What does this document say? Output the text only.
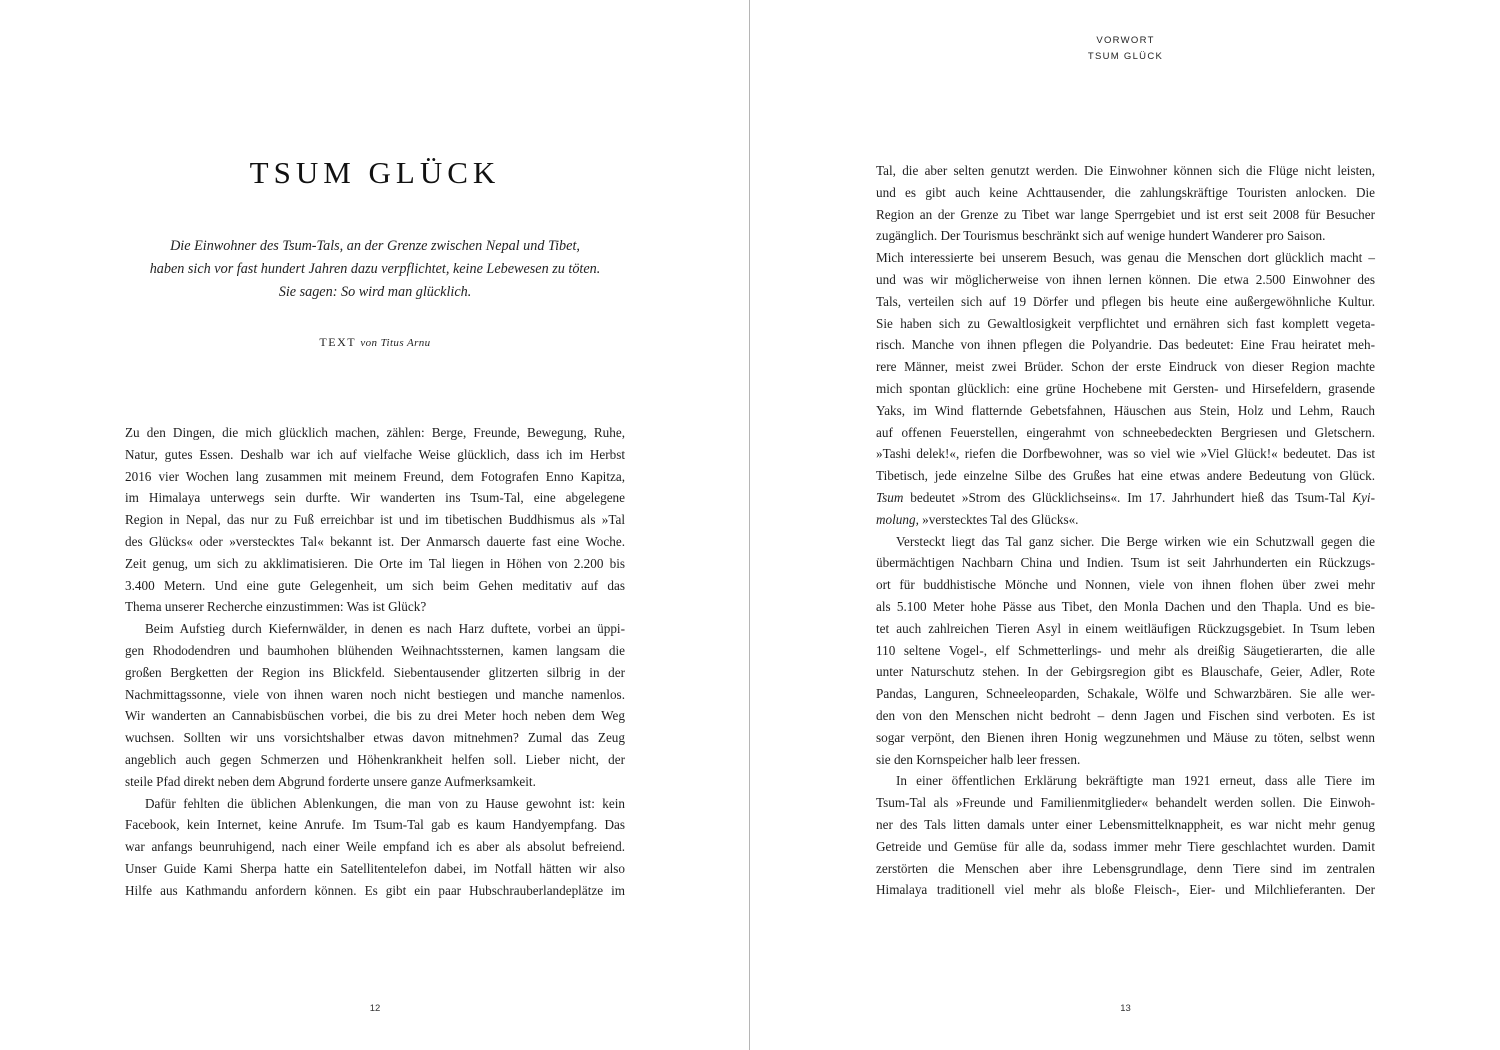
TSUM GLÜCK
Die Einwohner des Tsum-Tals, an der Grenze zwischen Nepal und Tibet,
haben sich vor fast hundert Jahren dazu verpflichtet, keine Lebewesen zu töten.
Sie sagen: So wird man glücklich.
TEXT von Titus Arnu
Zu den Dingen, die mich glücklich machen, zählen: Berge, Freunde, Bewegung, Ruhe,
Natur, gutes Essen. Deshalb war ich auf vielfache Weise glücklich, dass ich im Herbst
2016 vier Wochen lang zusammen mit meinem Freund, dem Fotografen Enno Kapitza,
im Himalaya unterwegs sein durfte. Wir wanderten ins Tsum-Tal, eine abgelegene
Region in Nepal, das nur zu Fuß erreichbar ist und im tibetischen Buddhismus als »Tal
des Glücks« oder »verstecktes Tal« bekannt ist. Der Anmarsch dauerte fast eine Woche.
Zeit genug, um sich zu akklimatisieren. Die Orte im Tal liegen in Höhen von 2.200 bis
3.400 Metern. Und eine gute Gelegenheit, um sich beim Gehen meditativ auf das
Thema unserer Recherche einzustimmen: Was ist Glück?
Beim Aufstieg durch Kiefernwälder, in denen es nach Harz duftete, vorbei an üppi-
gen Rhododendren und baumhohen blühenden Weihnachtssternen, kamen langsam die
großen Bergketten der Region ins Blickfeld. Siebentausender glitzerten silbrig in der
Nachmittagssonne, viele von ihnen waren noch nicht bestiegen und manche namenlos.
Wir wanderten an Cannabisbüschen vorbei, die bis zu drei Meter hoch neben dem Weg
wuchsen. Sollten wir uns vorsichtshalber etwas davon mitnehmen? Zumal das Zeug
angeblich auch gegen Schmerzen und Höhenkrankheit helfen soll. Lieber nicht, der
steile Pfad direkt neben dem Abgrund forderte unsere ganze Aufmerksamkeit.
Dafür fehlten die üblichen Ablenkungen, die man von zu Hause gewohnt ist: kein
Facebook, kein Internet, keine Anrufe. Im Tsum-Tal gab es kaum Handyempfang. Das
war anfangs beunruhigend, nach einer Weile empfand ich es aber als absolut befreiend.
Unser Guide Kami Sherpa hatte ein Satellitentelefon dabei, im Notfall hätten wir also
Hilfe aus Kathmandu anfordern können. Es gibt ein paar Hubschrauberlandeplätze im
12
VORWORT
TSUM GLÜCK
Tal, die aber selten genutzt werden. Die Einwohner können sich die Flüge nicht leisten,
und es gibt auch keine Achttausender, die zahlungskräftige Touristen anlocken. Die
Region an der Grenze zu Tibet war lange Sperrgebiet und ist erst seit 2008 für Besucher
zugänglich. Der Tourismus beschränkt sich auf wenige hundert Wanderer pro Saison.
Mich interessierte bei unserem Besuch, was genau die Menschen dort glücklich macht –
und was wir möglicherweise von ihnen lernen können. Die etwa 2.500 Einwohner des
Tals, verteilen sich auf 19 Dörfer und pflegen bis heute eine außergewöhnliche Kultur.
Sie haben sich zu Gewaltlosigkeit verpflichtet und ernähren sich fast komplett vegeta-
risch. Manche von ihnen pflegen die Polyandrie. Das bedeutet: Eine Frau heiratet meh-
rere Männer, meist zwei Brüder. Schon der erste Eindruck von dieser Region machte
mich spontan glücklich: eine grüne Hochebene mit Gersten- und Hirsefeldern, grasende
Yaks, im Wind flatternde Gebetsfahnen, Häuschen aus Stein, Holz und Lehm, Rauch
auf offenen Feuerstellen, eingerahmt von schneebedeckten Bergriesen und Gletschern.
»Tashi delek!«, riefen die Dorfbewohner, was so viel wie »Viel Glück!« bedeutet. Das ist
Tibetisch, jede einzelne Silbe des Grußes hat eine etwas andere Bedeutung von Glück.
Tsum bedeutet »Strom des Glücklichseins«. Im 17. Jahrhundert hieß das Tsum-Tal Kyi-
molung, »verstecktes Tal des Glücks«.
Versteckt liegt das Tal ganz sicher. Die Berge wirken wie ein Schutzwall gegen die
übermächtigen Nachbarn China und Indien. Tsum ist seit Jahrhunderten ein Rückzugs-
ort für buddhistische Mönche und Nonnen, viele von ihnen flohen über zwei mehr
als 5.100 Meter hohe Pässe aus Tibet, den Monla Dachen und den Thapla. Und es bie-
tet auch zahlreichen Tieren Asyl in einem weitläufigen Rückzugsgebiet. In Tsum leben
110 seltene Vogel-, elf Schmetterlings- und mehr als dreißig Säugetierarten, die alle
unter Naturschutz stehen. In der Gebirgsregion gibt es Blauschafe, Geier, Adler, Rote
Pandas, Languren, Schneeleoparden, Schakale, Wölfe und Schwarzbären. Sie alle wer-
den von den Menschen nicht bedroht – denn Jagen und Fischen sind verboten. Es ist
sogar verpönt, den Bienen ihren Honig wegzunehmen und Mäuse zu töten, selbst wenn
sie den Kornspeicher halb leer fressen.
In einer öffentlichen Erklärung bekräftigte man 1921 erneut, dass alle Tiere im
Tsum-Tal als »Freunde und Familienmitglieder« behandelt werden sollen. Die Einwoh-
ner des Tals litten damals unter einer Lebensmittelknappheit, es war nicht mehr genug
Getreide und Gemüse für alle da, sodass immer mehr Tiere geschlachtet wurden. Damit
zerstörten die Menschen aber ihre Lebensgrundlage, denn Tiere sind im zentralen
Himalaya traditionell viel mehr als bloße Fleisch-, Eier- und Milchlieferanten. Der
13
